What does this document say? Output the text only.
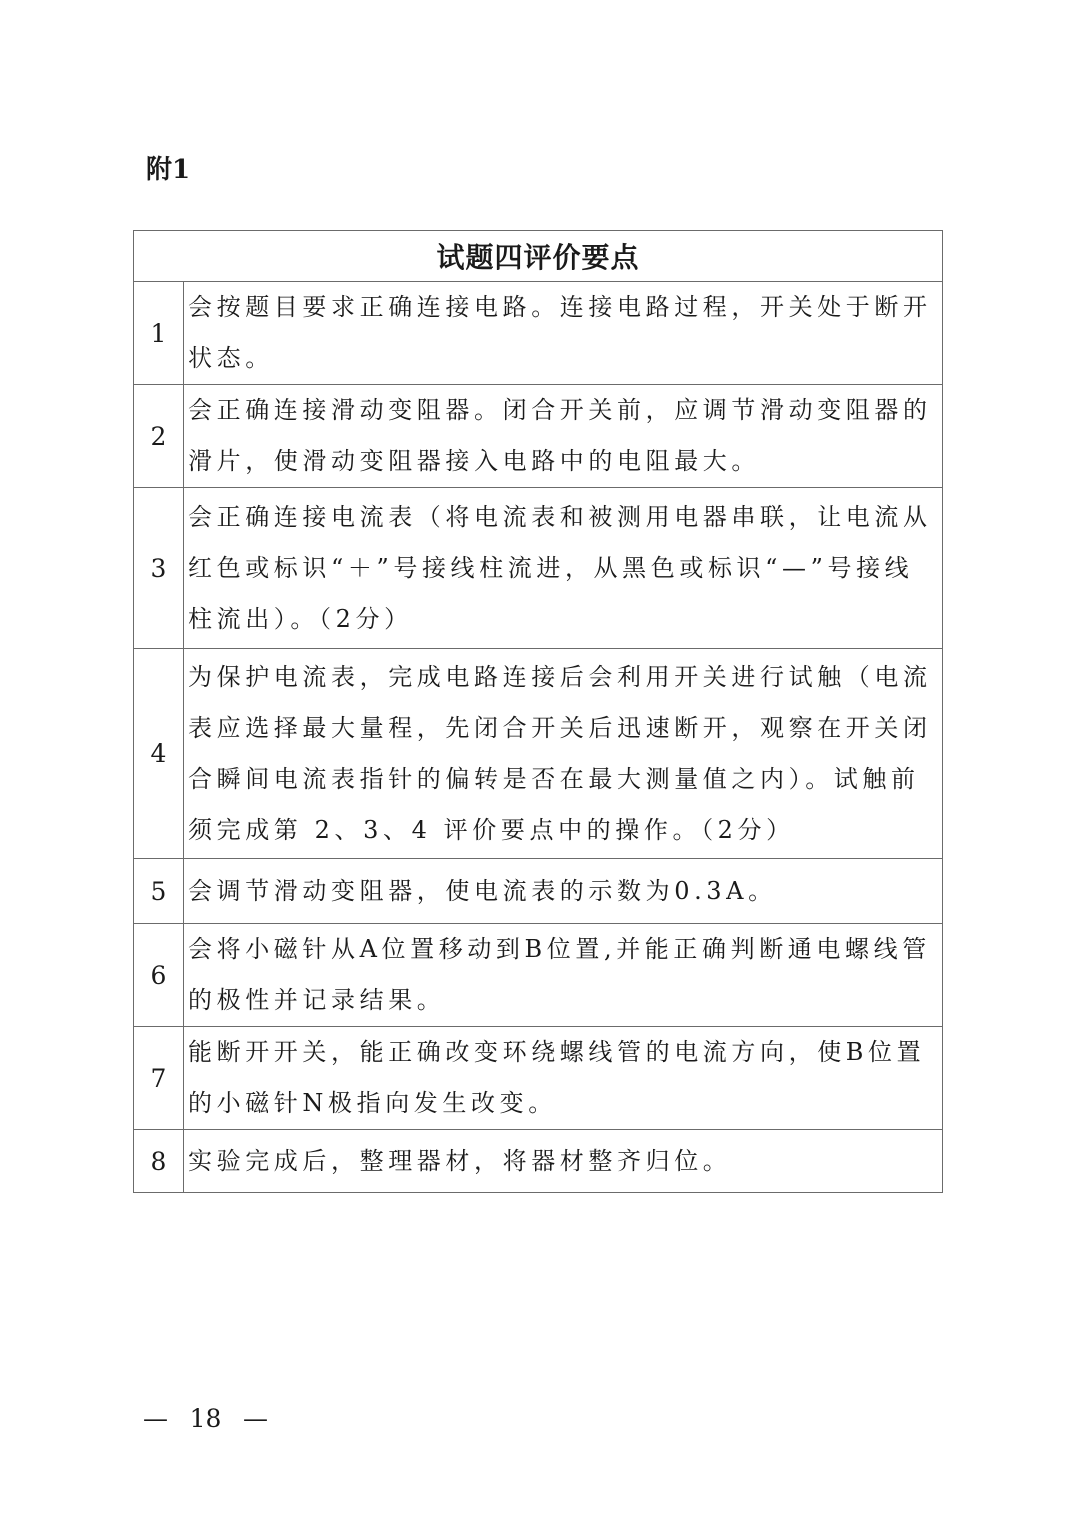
附1
试题四评价要点	
1	会按题目要求正确连接电路。连接电路过程，开关处于断开状态。
2	会正确连接滑动变阻器。闭合开关前，应调节滑动变阻器的滑片，使滑动变阻器接入电路中的电阻最大。
3	会正确连接电流表（将电流表和被测用电器串联，让电流从红色或标识“＋”号接线柱流进，从黑色或标识“—”号接线柱流出）。（2分）
4	为保护电流表，完成电路连接后会利用开关进行试触（电流表应选择最大量程，先闭合开关后迅速断开，观察在开关闭合瞬间电流表指针的偏转是否在最大测量值之内）。试触前须完成第 2、3、4 评价要点中的操作。（2分）
5	会调节滑动变阻器，使电流表的示数为0.3A。
6	会将小磁针从A位置移动到B位置,并能正确判断通电螺线管的极性并记录结果。
7	能断开开关，能正确改变环绕螺线管的电流方向，使B位置的小磁针N极指向发生改变。
8	实验完成后，整理器材，将器材整齐归位。
— 18 —
